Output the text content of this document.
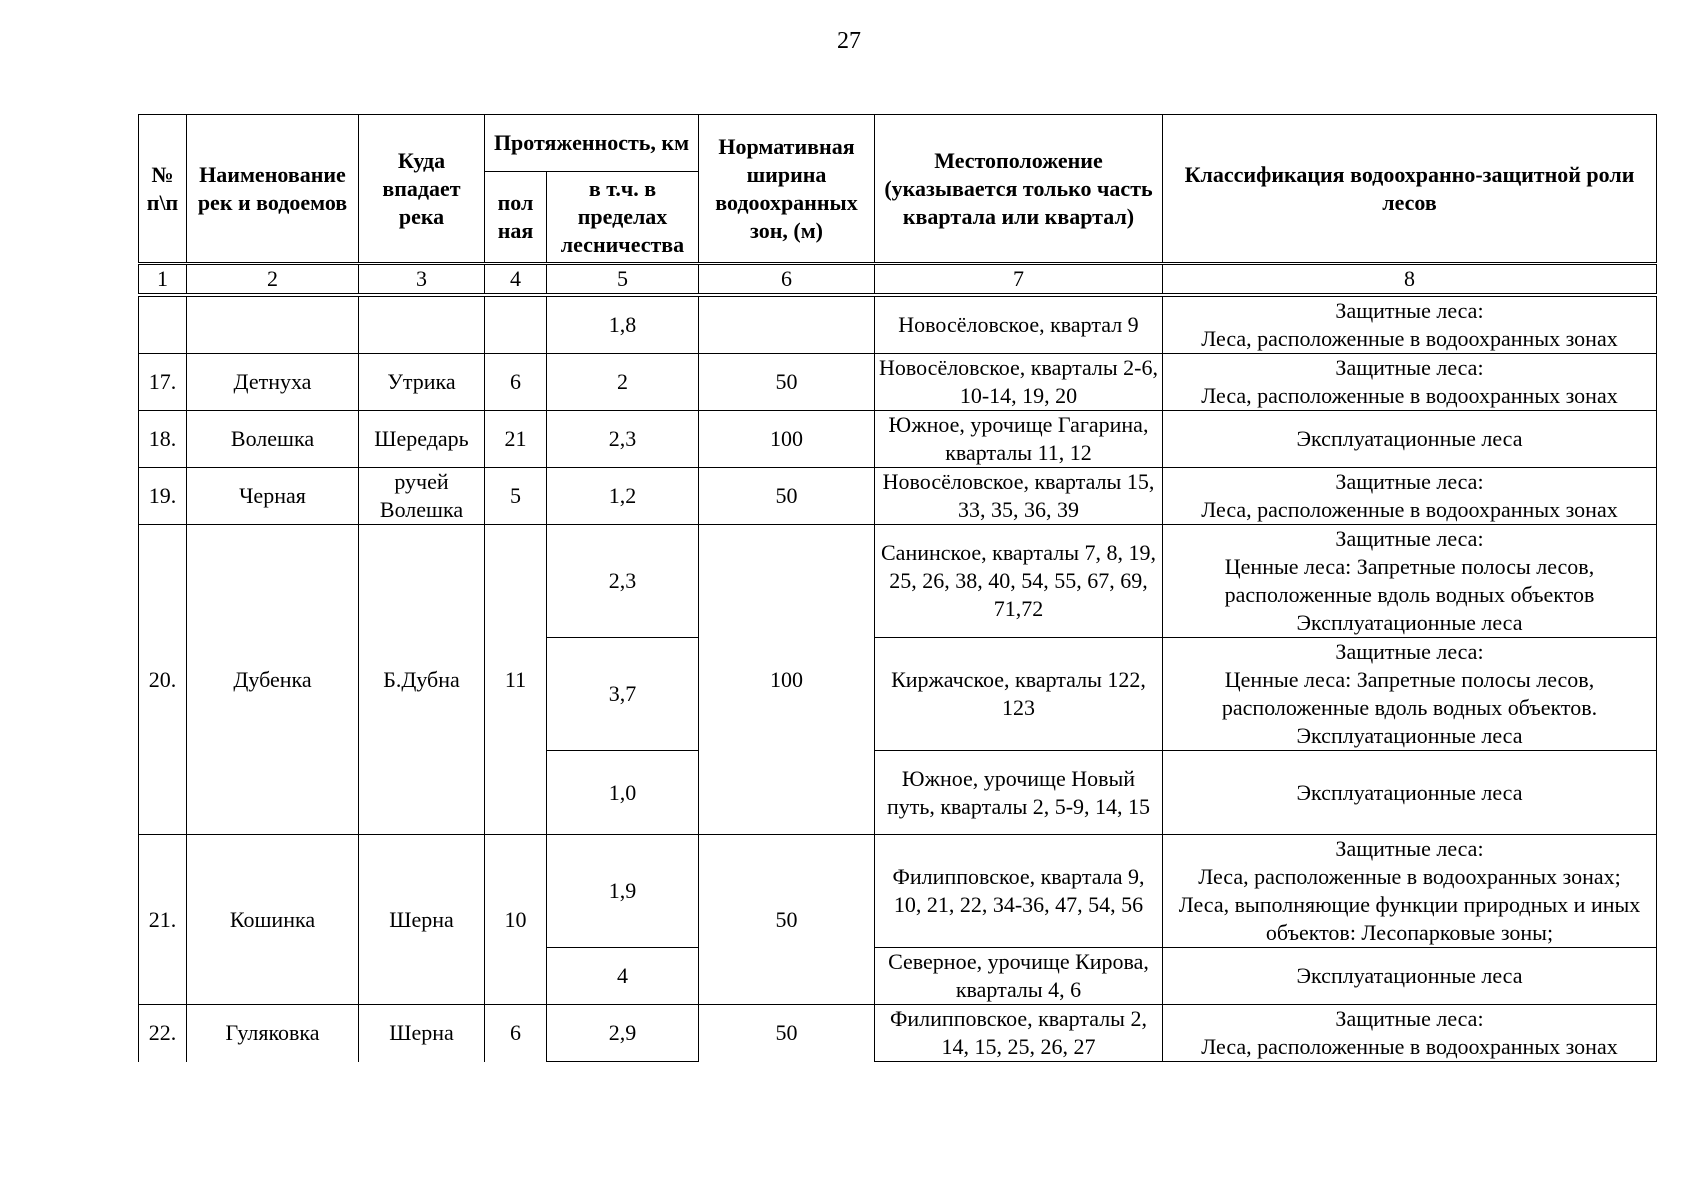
27
№ п\п	Наименование рек и водоемов	Куда впадает река	Протяженность, км		Нормативная ширина водоохранных зон, (м)	Местоположение (указывается только часть квартала или квартал)	Классификация водоохранно-защитной роли лесов
			пол ная	в т.ч. в пределах лесничества			
1	2	3	4	5	6	7	8
				1,8		Новосёловское, квартал 9	Защитные леса:
Леса, расположенные в водоохранных зонах

17.	Детнуха	Утрика	6	2	50	Новосёловское, кварталы 2-6, 10-14, 19, 20	Защитные леса:
Леса, расположенные в водоохранных зонах

18.	Волешка	Шередарь	21	2,3	100	Южное, урочище Гагарина, кварталы 11, 12	Эксплуатационные леса

19.	Черная	ручей Волешка	5	1,2	50	Новосёловское, кварталы 15, 33, 35, 36, 39	Защитные леса:
Леса, расположенные в водоохранных зонах

20.	Дубенка	Б.Дубна	11	2,3	100	Санинское, кварталы 7, 8, 19, 25, 26, 38, 40, 54, 55, 67, 69, 71,72	Защитные леса:
Ценные леса: Запретные полосы лесов, расположенные вдоль водных объектов
Эксплуатационные леса

				3,7		Киржачское, кварталы 122, 123	Защитные леса:
Ценные леса: Запретные полосы лесов, расположенные вдоль водных объектов.
Эксплуатационные леса

				1,0		Южное, урочище Новый путь, кварталы 2, 5-9, 14, 15	Эксплуатационные леса

21.	Кошинка	Шерна	10	1,9	50	Филипповское, квартала 9, 10, 21, 22, 34-36, 47, 54, 56	Защитные леса:
Леса, расположенные в водоохранных зонах;
Леса, выполняющие функции природных и иных объектов: Лесопарковые зоны;

				4		Северное, урочище Кирова, кварталы 4, 6	Эксплуатационные леса

22.	Гуляковка	Шерна	6	2,9	50	Филипповское, кварталы 2, 14, 15, 25, 26, 27	Защитные леса:
Леса, расположенные в водоохранных зонах
